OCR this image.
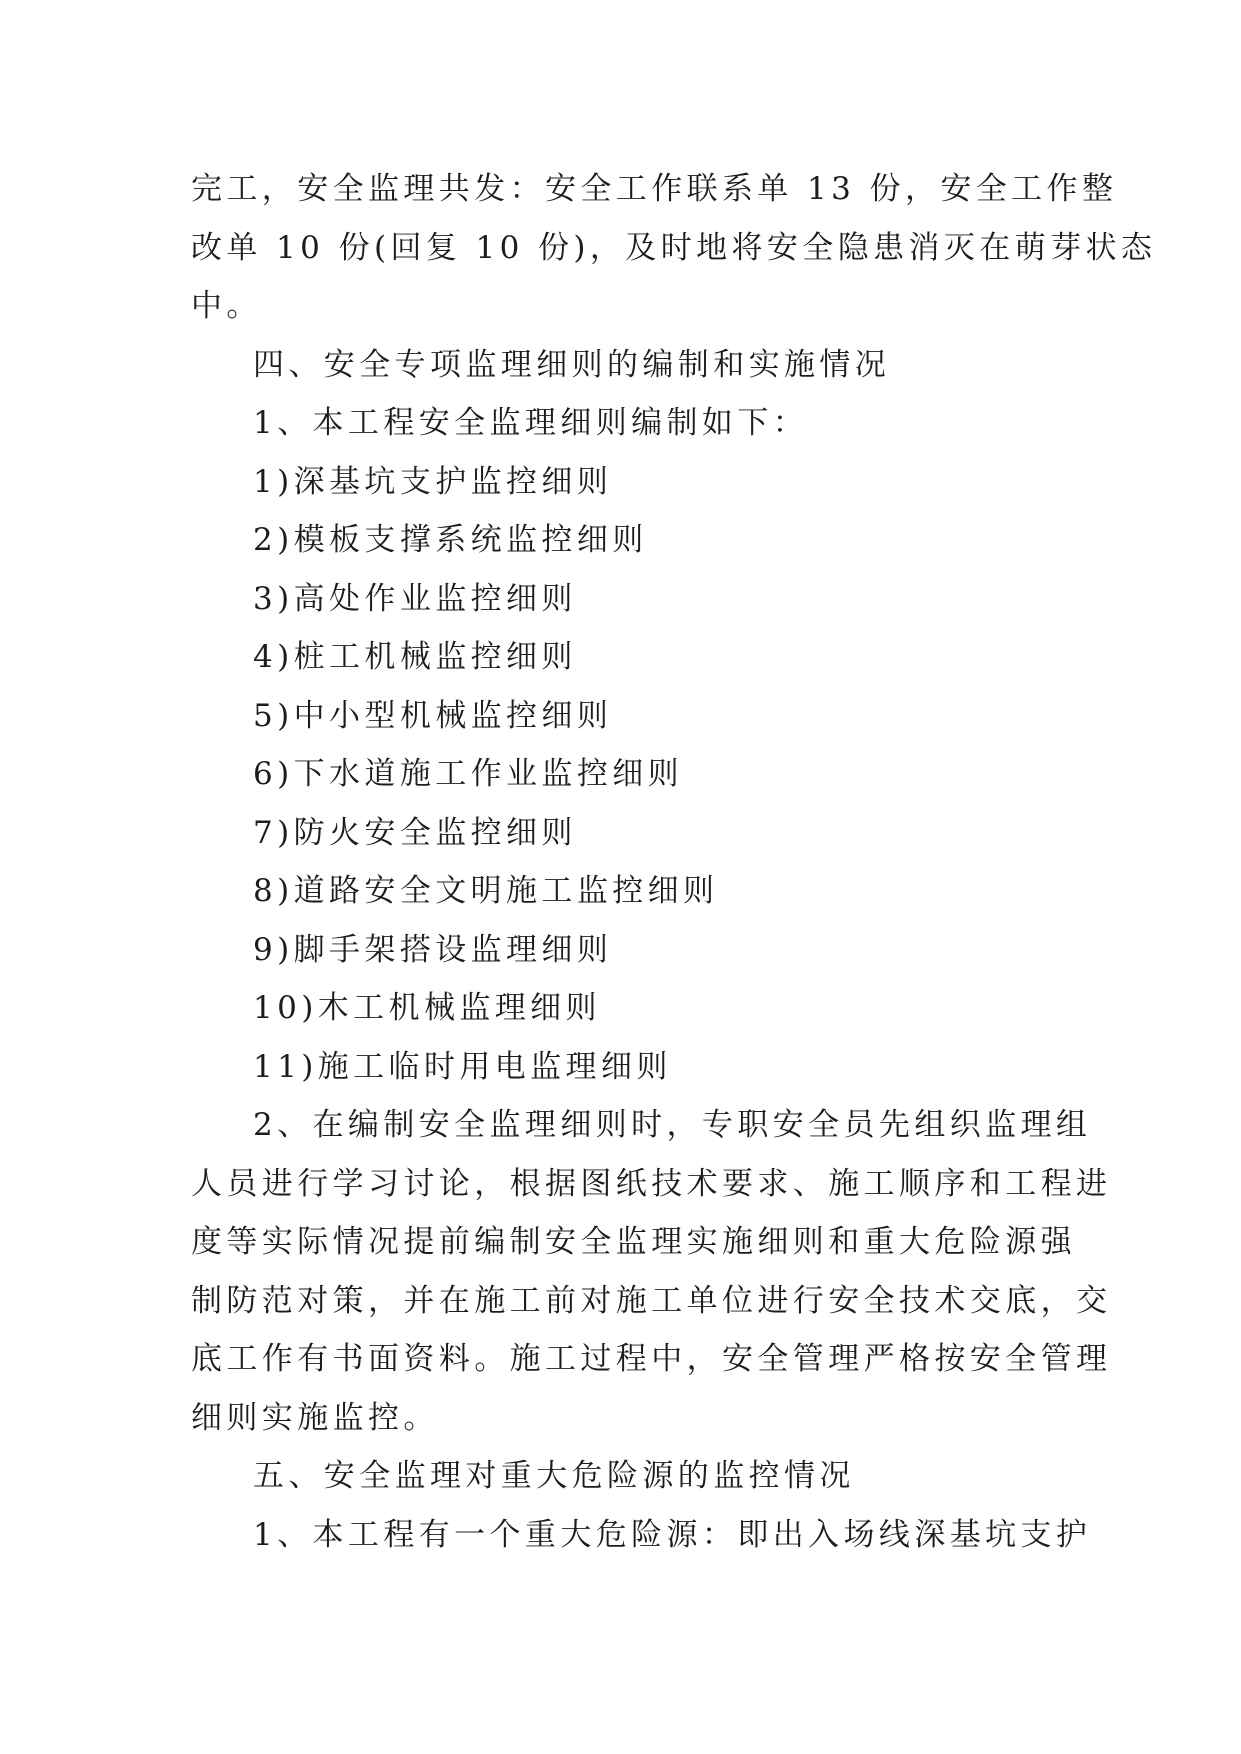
完工，安全监理共发：安全工作联系单 13 份，安全工作整
改单 10 份(回复 10 份)，及时地将安全隐患消灭在萌芽状态
中。
四、安全专项监理细则的编制和实施情况
1、本工程安全监理细则编制如下：
1)深基坑支护监控细则
2)模板支撑系统监控细则
3)高处作业监控细则
4)桩工机械监控细则
5)中小型机械监控细则
6)下水道施工作业监控细则
7)防火安全监控细则
8)道路安全文明施工监控细则
9)脚手架搭设监理细则
10)木工机械监理细则
11)施工临时用电监理细则
2、在编制安全监理细则时，专职安全员先组织监理组
人员进行学习讨论，根据图纸技术要求、施工顺序和工程进
度等实际情况提前编制安全监理实施细则和重大危险源强
制防范对策，并在施工前对施工单位进行安全技术交底，交
底工作有书面资料。施工过程中，安全管理严格按安全管理
细则实施监控。
五、安全监理对重大危险源的监控情况
1、本工程有一个重大危险源：即出入场线深基坑支护
